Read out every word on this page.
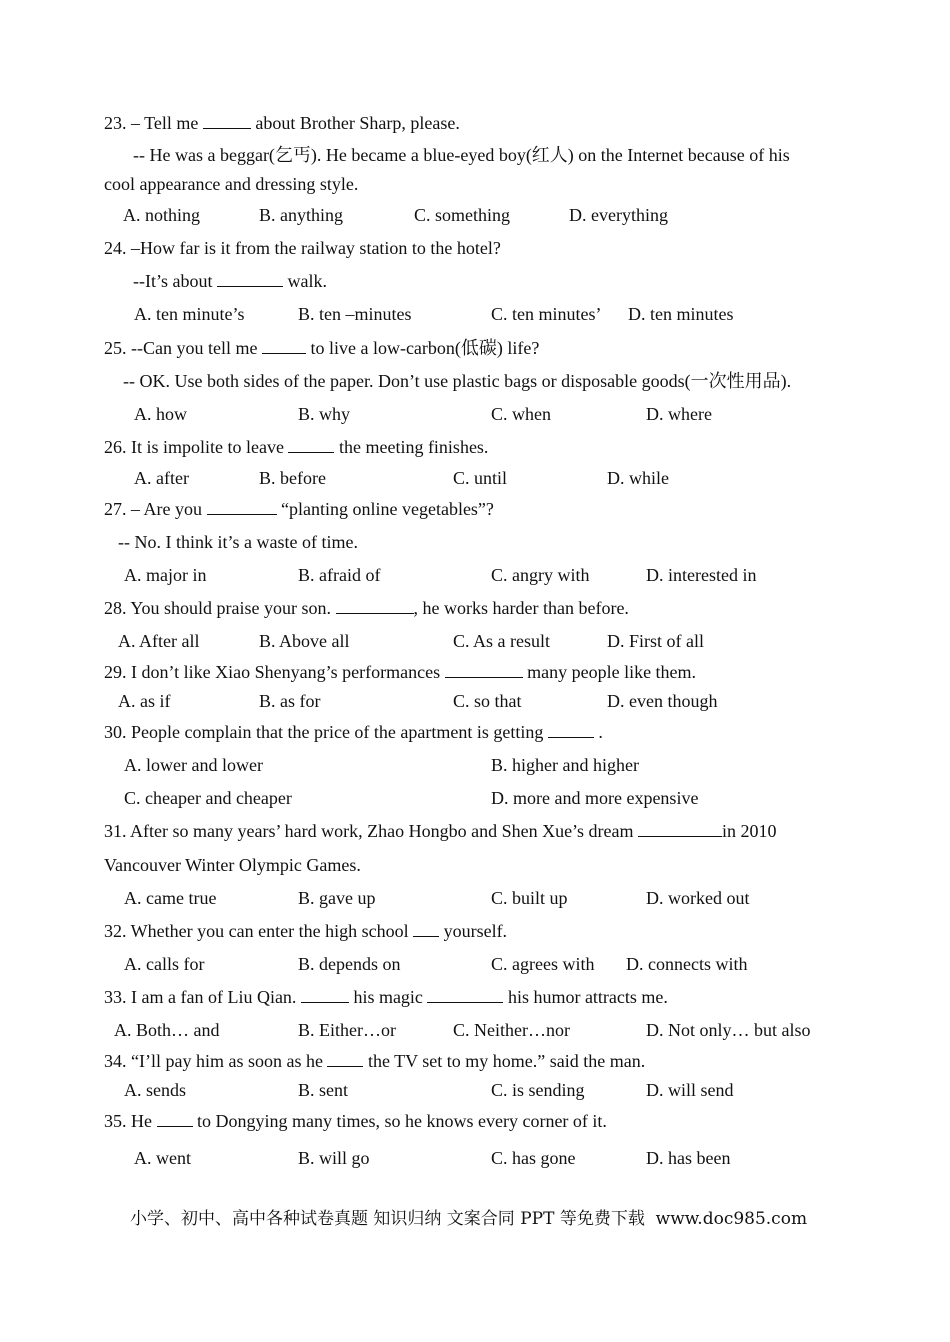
23. – Tell me	about Brother Sharp, please.
-- He was a beggar(乞丐). He became a blue-eyed boy(红人) on the Internet because of his
cool appearance and dressing style.
A. nothing	B. anything	C. something	D. everything
24. –How far is it from the railway station to the hotel?
--It’s about	walk.
A. ten minute’s	B. ten –minutes	C. ten minutes’ D. ten minutes
25. --Can you tell me	to live a low-carbon(低碳) life?
-- OK. Use both sides of the paper. Don’t use plastic bags or disposable goods(一次性用品).
A. how	B. why	C. when	D. where
26. It is impolite to leave	the meeting finishes.
A. after	B. before	C. until	D. while
27. – Are you	“planting online vegetables”?
-- No. I think it’s a waste of time.
A. major in	B. afraid of	C. angry with	D. interested in
28. You should praise your son.	, he works harder than before.
A. After all	B. Above all	C. As a result	D. First of all
29. I don’t like Xiao Shenyang’s performances	many people like them.
A. as if	B. as for	C. so that	D. even though
30. People complain that the price of the apartment is getting	.
A. lower and lower	B. higher and higher
C. cheaper and cheaper	D. more and more expensive
31. After so many years’ hard work, Zhao Hongbo and Shen Xue’s dream	in 2010
Vancouver Winter Olympic Games.
A. came true	B. gave up	C. built up	D. worked out
32. Whether you can enter the high school yourself.
A. calls for	B. depends on	C. agrees with D. connects with
33. I am a fan of Liu Qian.	his magic	his humor attracts me.
A. Both… and	B. Either…or	C. Neither…nor	D. Not only… but also
34. “I’ll pay him as soon as he	the TV set to my home.” said the man.
A. sends	B. sent	C. is sending	D. will send
35. He	to Dongying many times, so he knows every corner of it.
A. went	B. will go	C. has gone	D. has been
小学、初中、高中各种试卷真题 知识归纳 文案合同 PPT 等免费下载 www.doc985.com
